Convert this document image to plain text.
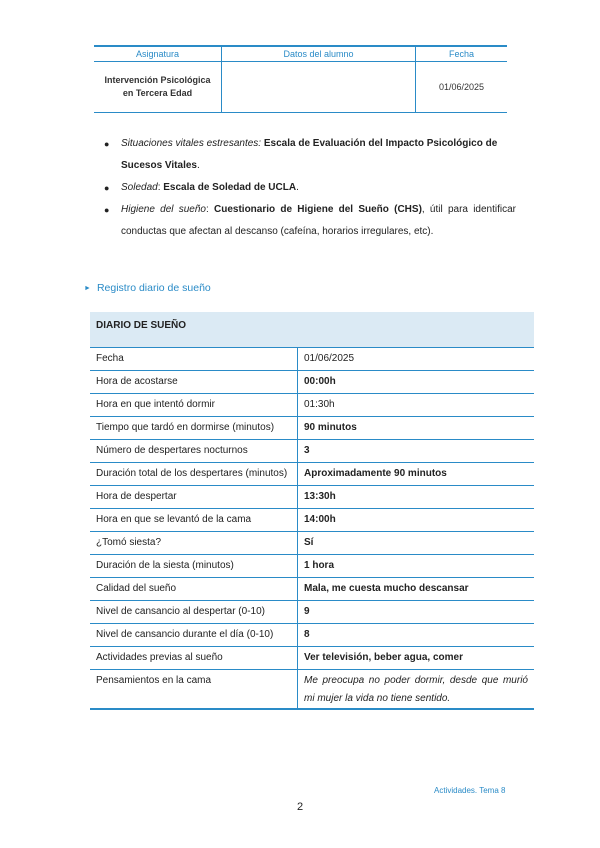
Asignatura	Datos del alumno	Fecha
Intervención Psicológica
en Tercera Edad		01/06/2025
● Situaciones vitales estresantes: Escala de Evaluación del Impacto Psicológico de Sucesos Vitales.
● Soledad: Escala de Soledad de UCLA.
● Higiene del sueño: Cuestionario de Higiene del Sueño (CHS), útil para identificar conductas que afectan al descanso (cafeína, horarios irregulares, etc).
► Registro diario de sueño
DIARIO DE SUEÑO	
Fecha	01/06/2025
Hora de acostarse	00:00h
Hora en que intentó dormir	01:30h
Tiempo que tardó en dormirse (minutos)	90 minutos
Número de despertares nocturnos	3
Duración total de los despertares (minutos)	Aproximadamente 90 minutos
Hora de despertar	13:30h
Hora en que se levantó de la cama	14:00h
¿Tomó siesta?	Sí
Duración de la siesta (minutos)	1 hora
Calidad del sueño	Mala, me cuesta mucho descansar
Nivel de cansancio al despertar (0-10)	9
Nivel de cansancio durante el día (0-10)	8
Actividades previas al sueño	Ver televisión, beber agua, comer
Pensamientos en la cama	Me preocupa no poder dormir, desde que murió mi mujer la vida no tiene sentido.
Actividades. Tema 8
2
